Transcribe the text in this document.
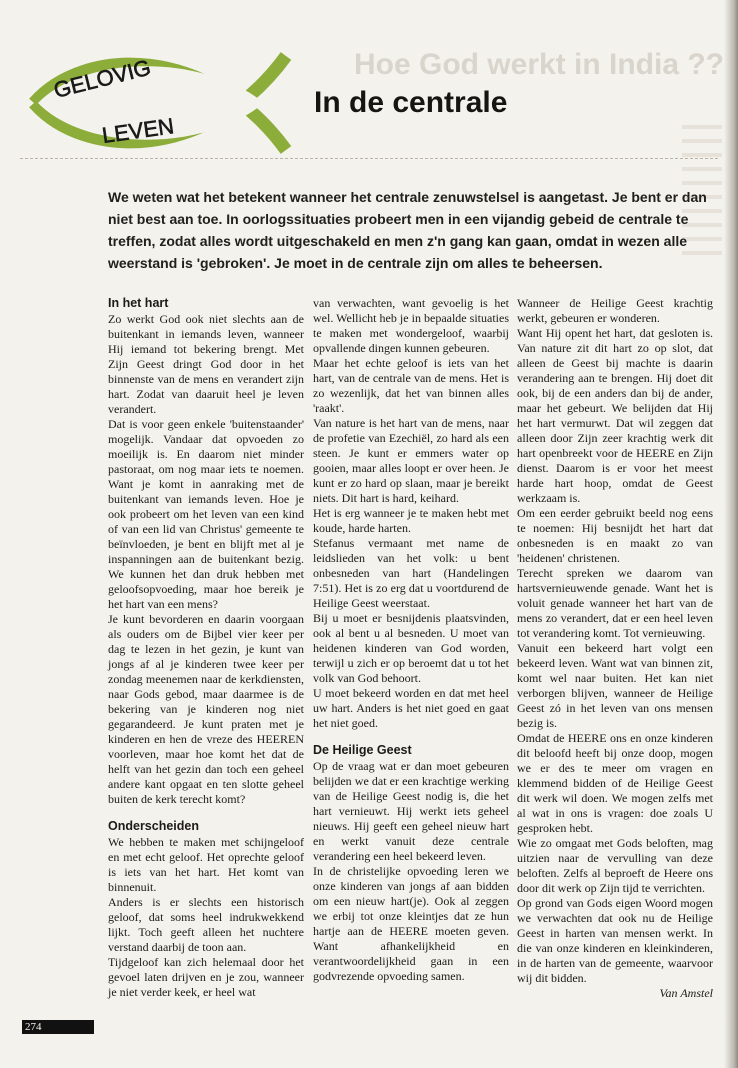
Hoe God werkt in India ??
GELOVIG
LEVEN
In de centrale

We weten wat het betekent wanneer het centrale zenuwstelsel is aangetast. Je bent er dan niet best aan toe. In oorlogssituaties probeert men in een vijandig gebeid de centrale te treffen, zodat alles wordt uitgeschakeld en men z'n gang kan gaan, omdat in wezen alle weerstand is 'gebroken'. Je moet in de centrale zijn om alles te beheersen.

In het hart

Zo werkt God ook niet slechts aan de buitenkant in iemands leven, wanneer Hij iemand tot bekering brengt. Met Zijn Geest dringt God door in het binnenste van de mens en verandert zijn hart. Zodat van daaruit heel je leven verandert.

Dat is voor geen enkele 'buitenstaander' mogelijk. Vandaar dat opvoeden zo moeilijk is. En daarom niet minder pastoraat, om nog maar iets te noemen. Want je komt in aanraking met de buitenkant van iemands leven. Hoe je ook probeert om het leven van een kind of van een lid van Christus' gemeente te beïnvloeden, je bent en blijft met al je inspanningen aan de buitenkant bezig. We kunnen het dan druk hebben met geloofsopvoeding, maar hoe bereik je het hart van een mens?

Je kunt bevorderen en daarin voorgaan als ouders om de Bijbel vier keer per dag te lezen in het gezin, je kunt van jongs af al je kinderen twee keer per zondag meenemen naar de kerkdiensten, naar Gods gebod, maar daarmee is de bekering van je kinderen nog niet gegarandeerd. Je kunt praten met je kinderen en hen de vreze des HEEREN voorleven, maar hoe komt het dat de helft van het gezin dan toch een geheel andere kant opgaat en ten slotte geheel buiten de kerk terecht komt?

Onderscheiden

We hebben te maken met schijngeloof en met echt geloof. Het oprechte geloof is iets van het hart. Het komt van binnenuit.

Anders is er slechts een historisch geloof, dat soms heel indrukwekkend lijkt. Toch geeft alleen het nuchtere verstand daarbij de toon aan.

Tijdgeloof kan zich helemaal door het gevoel laten drijven en je zou, wanneer je niet verder keek, er heel wat

van verwachten, want gevoelig is het wel. Wellicht heb je in bepaalde situaties te maken met wondergeloof, waarbij opvallende dingen kunnen gebeuren.

Maar het echte geloof is iets van het hart, van de centrale van de mens. Het is zo wezenlijk, dat het van binnen alles 'raakt'.

Van nature is het hart van de mens, naar de profetie van Ezechiël, zo hard als een steen. Je kunt er emmers water op gooien, maar alles loopt er over heen. Je kunt er zo hard op slaan, maar je bereikt niets. Dit hart is hard, keihard.

Het is erg wanneer je te maken hebt met koude, harde harten.

Stefanus vermaant met name de leidslieden van het volk: u bent onbesneden van hart (Handelingen 7:51). Het is zo erg dat u voortdurend de Heilige Geest weerstaat.

Bij u moet er besnijdenis plaatsvinden, ook al bent u al besneden. U moet van heidenen kinderen van God worden, terwijl u zich er op beroemt dat u tot het volk van God behoort.

U moet bekeerd worden en dat met heel uw hart. Anders is het niet goed en gaat het niet goed.

De Heilige Geest

Op de vraag wat er dan moet gebeuren belijden we dat er een krachtige werking van de Heilige Geest nodig is, die het hart vernieuwt. Hij werkt iets geheel nieuws. Hij geeft een geheel nieuw hart en werkt vanuit deze centrale verandering een heel bekeerd leven.

In de christelijke opvoeding leren we onze kinderen van jongs af aan bidden om een nieuw hart(je). Ook al zeggen we erbij tot onze kleintjes dat ze hun hartje aan de HEERE moeten geven. Want afhankelijkheid en verantwoordelijkheid gaan in een godvrezende opvoeding samen.

Wanneer de Heilige Geest krachtig werkt, gebeuren er wonderen.

Want Hij opent het hart, dat gesloten is. Van nature zit dit hart zo op slot, dat alleen de Geest bij machte is daarin verandering aan te brengen. Hij doet dit ook, bij de een anders dan bij de ander, maar het gebeurt. We belijden dat Hij het hart vermurwt. Dat wil zeggen dat alleen door Zijn zeer krachtig werk dit hart openbreekt voor de HEERE en Zijn dienst. Daarom is er voor het meest harde hart hoop, omdat de Geest werkzaam is.

Om een eerder gebruikt beeld nog eens te noemen: Hij besnijdt het hart dat onbesneden is en maakt zo van 'heidenen' christenen.

Terecht spreken we daarom van hartsvernieuwende genade. Want het is voluit genade wanneer het hart van de mens zo verandert, dat er een heel leven tot verandering komt. Tot vernieuwing.

Vanuit een bekeerd hart volgt een bekeerd leven. Want wat van binnen zit, komt wel naar buiten. Het kan niet verborgen blijven, wanneer de Heilige Geest zó in het leven van ons mensen bezig is.

Omdat de HEERE ons en onze kinderen dit beloofd heeft bij onze doop, mogen we er des te meer om vragen en klemmend bidden of de Heilige Geest dit werk wil doen. We mogen zelfs met al wat in ons is vragen: doe zoals U gesproken hebt.

Wie zo omgaat met Gods beloften, mag uitzien naar de vervulling van deze beloften. Zelfs al beproeft de Heere ons door dit werk op Zijn tijd te verrichten.

Op grond van Gods eigen Woord mogen we verwachten dat ook nu de Heilige Geest in harten van mensen werkt. In die van onze kinderen en kleinkinderen, in de harten van de gemeente, waarvoor wij dit bidden.

Van Amstel

274
